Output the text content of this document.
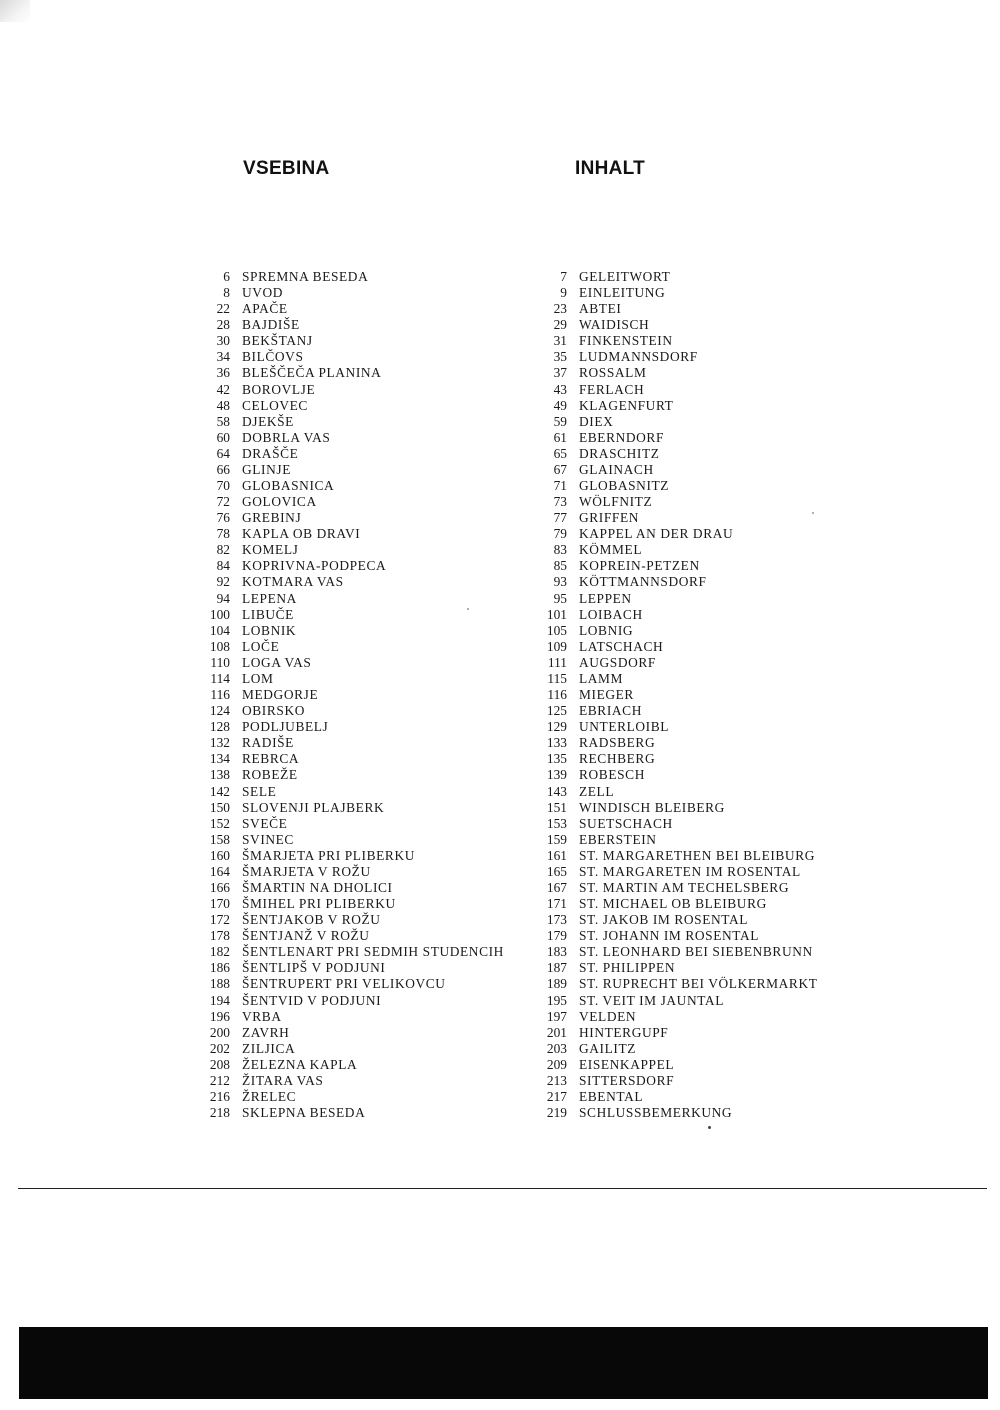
VSEBINA	INHALT
6 SPREMNA BESEDA
8 UVOD
22 APAČE
28 BAJDIŠE
30 BEKŠTANJ
34 BILČOVS
36 BLEŠČEČA PLANINA
42 BOROVLJE
48 CELOVEC
58 DJEKŠE
60 DOBRLA VAS
64 DRAŠČE
66 GLINJE
70 GLOBASNICA
72 GOLOVICA
76 GREBINJ
78 KAPLA OB DRAVI
82 KOMELJ
84 KOPRIVNA-PODPECA
92 KOTMARA VAS
94 LEPENA
100 LIBUČE
104 LOBNIK
108 LOČE
110 LOGA VAS
114 LOM
116 MEDGORJE
124 OBIRSKO
128 PODLJUBELJ
132 RADIŠE
134 REBRCA
138 ROBEŽE
142 SELE
150 SLOVENJI PLAJBERK
152 SVEČE
158 SVINEC
160 ŠMARJETA PRI PLIBERKU
164 ŠMARJETA V ROŽU
166 ŠMARTIN NA DHOLICI
170 ŠMIHEL PRI PLIBERKU
172 ŠENTJAKOB V ROŽU
178 ŠENTJANŽ V ROŽU
182 ŠENTLENART PRI SEDMIH STUDENCIH
186 ŠENTLIPŠ V PODJUNI
188 ŠENTRUPERT PRI VELIKOVCU
194 ŠENTVID V PODJUNI
196 VRBA
200 ZAVRH
202 ZILJICA
208 ŽELEZNA KAPLA
212 ŽITARA VAS
216 ŽRELEC
218 SKLEPNA BESEDA
7 GELEITWORT
9 EINLEITUNG
23 ABTEI
29 WAIDISCH
31 FINKENSTEIN
35 LUDMANNSDORF
37 ROSSALM
43 FERLACH
49 KLAGENFURT
59 DIEX
61 EBERNDORF
65 DRASCHITZ
67 GLAINACH
71 GLOBASNITZ
73 WÖLFNITZ
77 GRIFFEN
79 KAPPEL AN DER DRAU
83 KÖMMEL
85 KOPREIN-PETZEN
93 KÖTTMANNSDORF
95 LEPPEN
101 LOIBACH
105 LOBNIG
109 LATSCHACH
111 AUGSDORF
115 LAMM
116 MIEGER
125 EBRIACH
129 UNTERLOIBL
133 RADSBERG
135 RECHBERG
139 ROBESCH
143 ZELL
151 WINDISCH BLEIBERG
153 SUETSCHACH
159 EBERSTEIN
161 ST. MARGARETHEN BEI BLEIBURG
165 ST. MARGARETEN IM ROSENTAL
167 ST. MARTIN AM TECHELSBERG
171 ST. MICHAEL OB BLEIBURG
173 ST. JAKOB IM ROSENTAL
179 ST. JOHANN IM ROSENTAL
183 ST. LEONHARD BEI SIEBENBRUNN
187 ST. PHILIPPEN
189 ST. RUPRECHT BEI VÖLKERMARKT
195 ST. VEIT IM JAUNTAL
197 VELDEN
201 HINTERGUPF
203 GAILITZ
209 EISENKAPPEL
213 SITTERSDORF
217 EBENTAL
219 SCHLUSSBEMERKUNG
